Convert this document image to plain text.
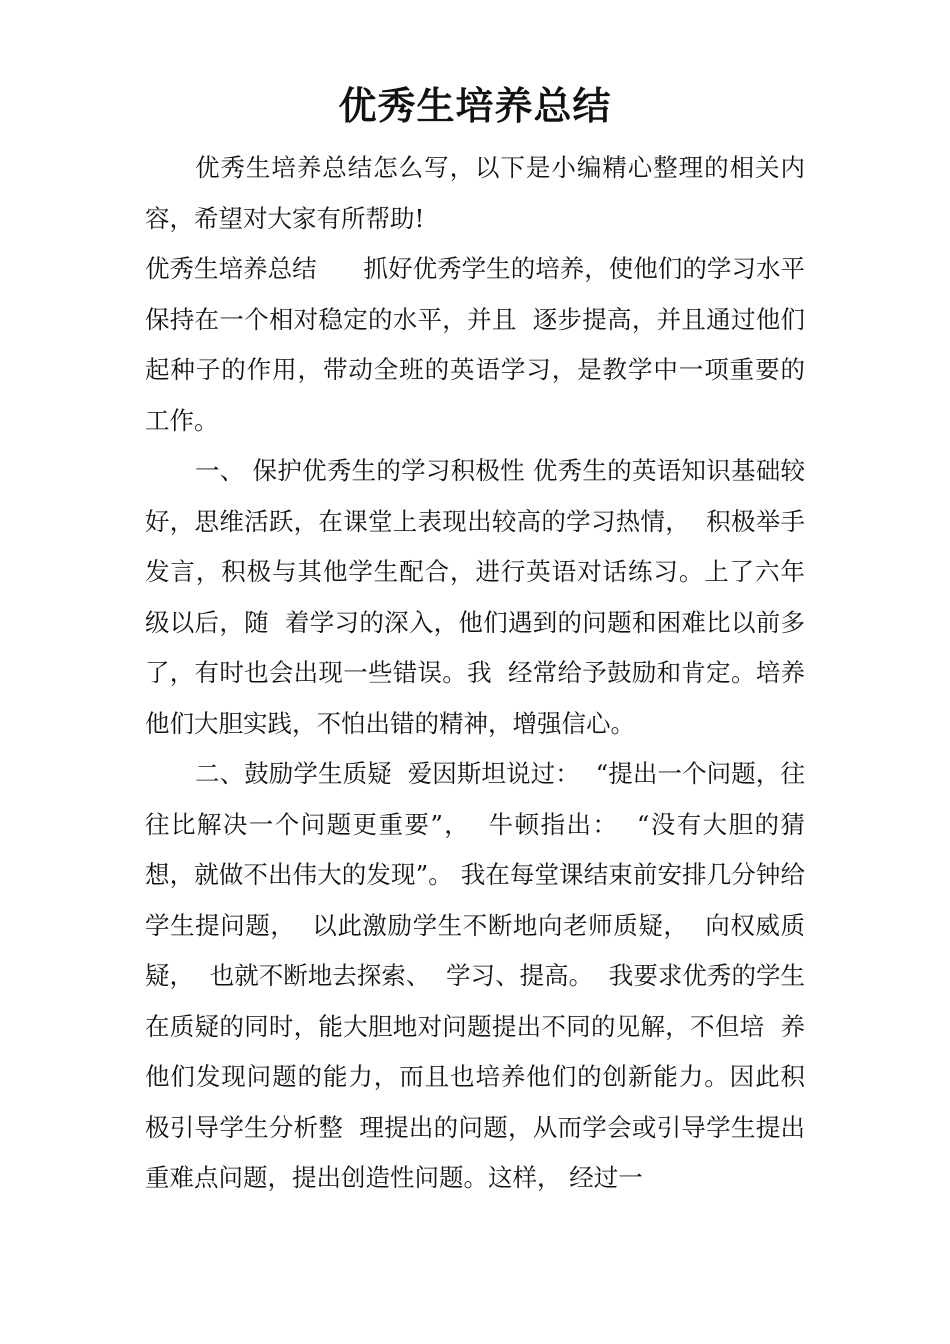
优秀生培养总结

优秀生培养总结怎么写，以下是小编精心整理的相关内容，希望对大家有所帮助!

优秀生培养总结      抓好优秀学生的培养，使他们的学习水平保持在一个相对稳定的水平，并且  逐步提高，并且通过他们起种子的作用，带动全班的英语学习，是教学中一项重要的工作。

一、 保护优秀生的学习积极性 优秀生的英语知识基础较好，思维活跃，在课堂上表现出较高的学习热情，  积极举手发言，积极与其他学生配合，进行英语对话练习。上了六年级以后，随  着学习的深入，他们遇到的问题和困难比以前多了，有时也会出现一些错误。我  经常给予鼓励和肯定。培养他们大胆实践，不怕出错的精神，增强信心。

二、鼓励学生质疑  爱因斯坦说过：  “提出一个问题，往往比解决一个问题更重要”，  牛顿指出：  “没有大胆的猜想，就做不出伟大的发现”。 我在每堂课结束前安排几分钟给  学生提问题，  以此激励学生不断地向老师质疑，  向权威质疑，  也就不断地去探索、  学习、提高。  我要求优秀的学生在质疑的同时，能大胆地对问题提出不同的见解，不但培  养他们发现问题的能力，而且也培养他们的创新能力。因此积极引导学生分析整  理提出的问题，从而学会或引导学生提出重难点问题，提出创造性问题。这样， 经过一
